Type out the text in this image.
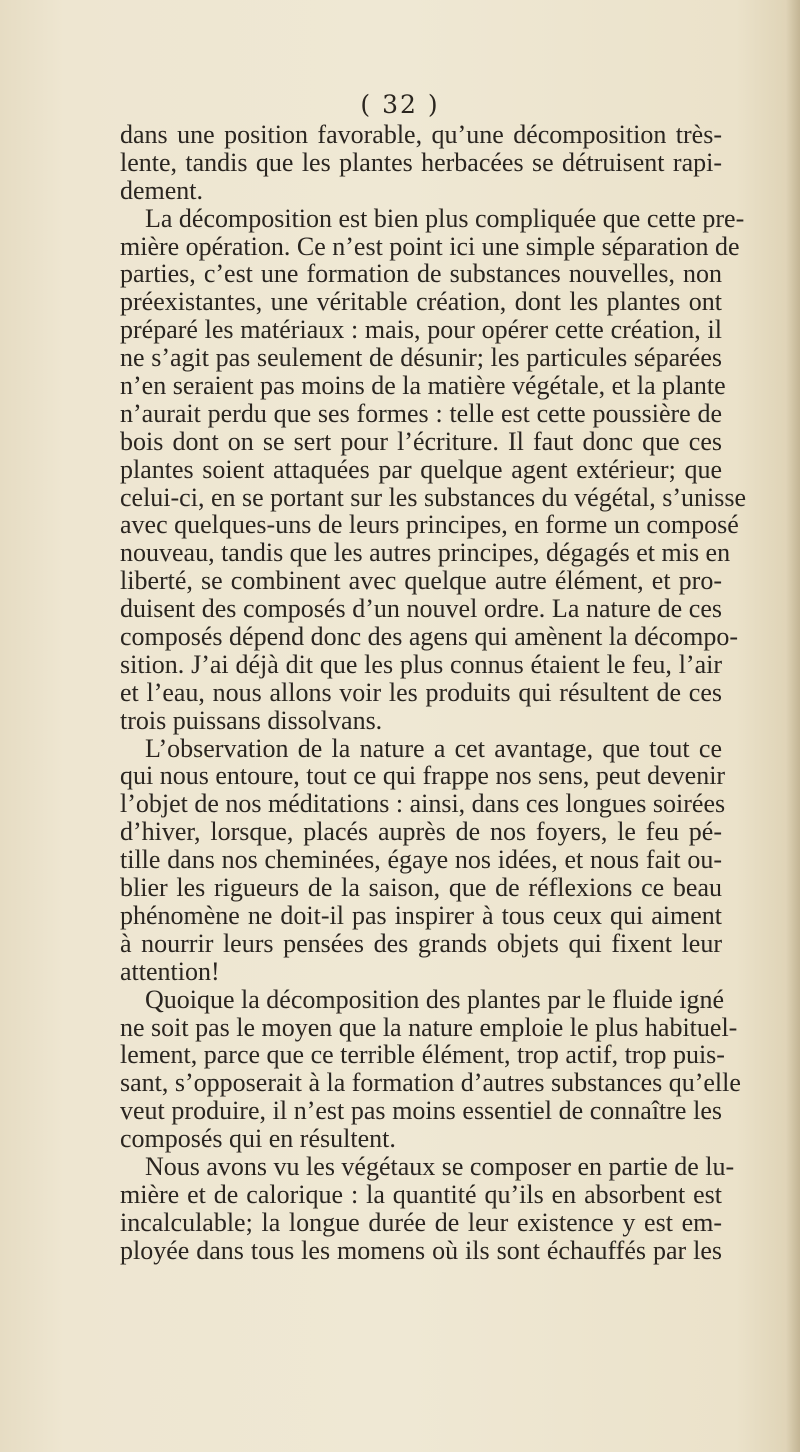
( 32 )
dans une position favorable, qu’une décomposition très-
lente, tandis que les plantes herbacées se détruisent rapi-
dement.
La décomposition est bien plus compliquée que cette pre-
mière opération. Ce n’est point ici une simple séparation de
parties, c’est une formation de substances nouvelles, non
préexistantes, une véritable création, dont les plantes ont
préparé les matériaux : mais, pour opérer cette création, il
ne s’agit pas seulement de désunir; les particules séparées
n’en seraient pas moins de la matière végétale, et la plante
n’aurait perdu que ses formes : telle est cette poussière de
bois dont on se sert pour l’écriture. Il faut donc que ces
plantes soient attaquées par quelque agent extérieur; que
celui-ci, en se portant sur les substances du végétal, s’unisse
avec quelques-uns de leurs principes, en forme un composé
nouveau, tandis que les autres principes, dégagés et mis en
liberté, se combinent avec quelque autre élément, et pro-
duisent des composés d’un nouvel ordre. La nature de ces
composés dépend donc des agens qui amènent la décompo-
sition. J’ai déjà dit que les plus connus étaient le feu, l’air
et l’eau, nous allons voir les produits qui résultent de ces
trois puissans dissolvans.
L’observation de la nature a cet avantage, que tout ce
qui nous entoure, tout ce qui frappe nos sens, peut devenir
l’objet de nos méditations : ainsi, dans ces longues soirées
d’hiver, lorsque, placés auprès de nos foyers, le feu pé-
tille dans nos cheminées, égaye nos idées, et nous fait ou-
blier les rigueurs de la saison, que de réflexions ce beau
phénomène ne doit-il pas inspirer à tous ceux qui aiment
à nourrir leurs pensées des grands objets qui fixent leur
attention!
Quoique la décomposition des plantes par le fluide igné
ne soit pas le moyen que la nature emploie le plus habituel-
lement, parce que ce terrible élément, trop actif, trop puis-
sant, s’opposerait à la formation d’autres substances qu’elle
veut produire, il n’est pas moins essentiel de connaître les
composés qui en résultent.
Nous avons vu les végétaux se composer en partie de lu-
mière et de calorique : la quantité qu’ils en absorbent est
incalculable; la longue durée de leur existence y est em-
ployée dans tous les momens où ils sont échauffés par les
